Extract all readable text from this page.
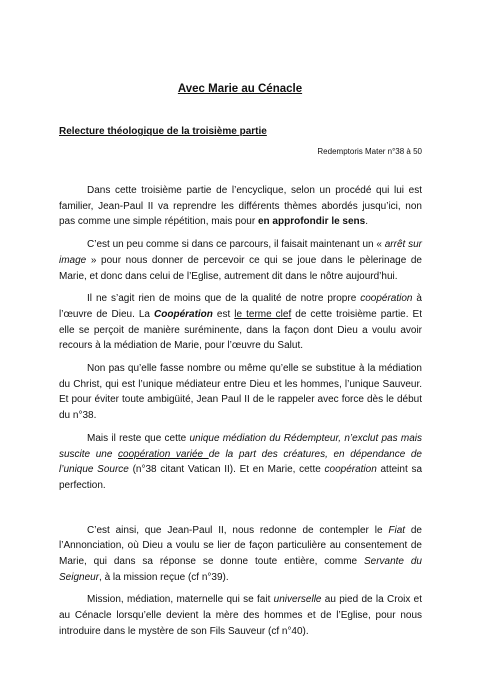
Avec Marie au Cénacle
Relecture théologique de la troisième partie
Redemptoris Mater n°38 à 50

Dans cette troisième partie de l’encyclique, selon un procédé qui lui est familier, Jean-Paul II va reprendre les différents thèmes abordés jusqu’ici, non pas comme une simple répétition, mais pour en approfondir le sens.

C’est un peu comme si dans ce parcours, il faisait maintenant un « arrêt sur image » pour nous donner de percevoir ce qui se joue dans le pèlerinage de Marie, et donc dans celui de l’Eglise, autrement dit dans le nôtre aujourd’hui.

Il ne s’agit rien de moins que de la qualité de notre propre coopération à l’œuvre de Dieu. La Coopération est le terme clef de cette troisième partie. Et elle se perçoit de manière suréminente, dans la façon dont Dieu a voulu avoir recours à la médiation de Marie, pour l’œuvre du Salut.

Non pas qu’elle fasse nombre ou même qu’elle se substitue à la médiation du Christ, qui est l’unique médiateur entre Dieu et les hommes, l’unique Sauveur. Et pour éviter toute ambigüité, Jean Paul II de le rappeler avec force dès le début du n°38.

Mais il reste que cette unique médiation du Rédempteur, n’exclut pas mais suscite une coopération variée de la part des créatures, en dépendance de l’unique Source (n°38 citant Vatican II). Et en Marie, cette coopération atteint sa perfection.

C’est ainsi, que Jean-Paul II, nous redonne de contempler le Fiat de l’Annonciation, où Dieu a voulu se lier de façon particulière au consentement de Marie, qui dans sa réponse se donne toute entière, comme Servante du Seigneur, à la mission reçue (cf n°39).

Mission, médiation, maternelle qui se fait universelle au pied de la Croix et au Cénacle lorsqu’elle devient la mère des hommes et de l’Eglise, pour nous introduire dans le mystère de son Fils Sauveur (cf n°40).
